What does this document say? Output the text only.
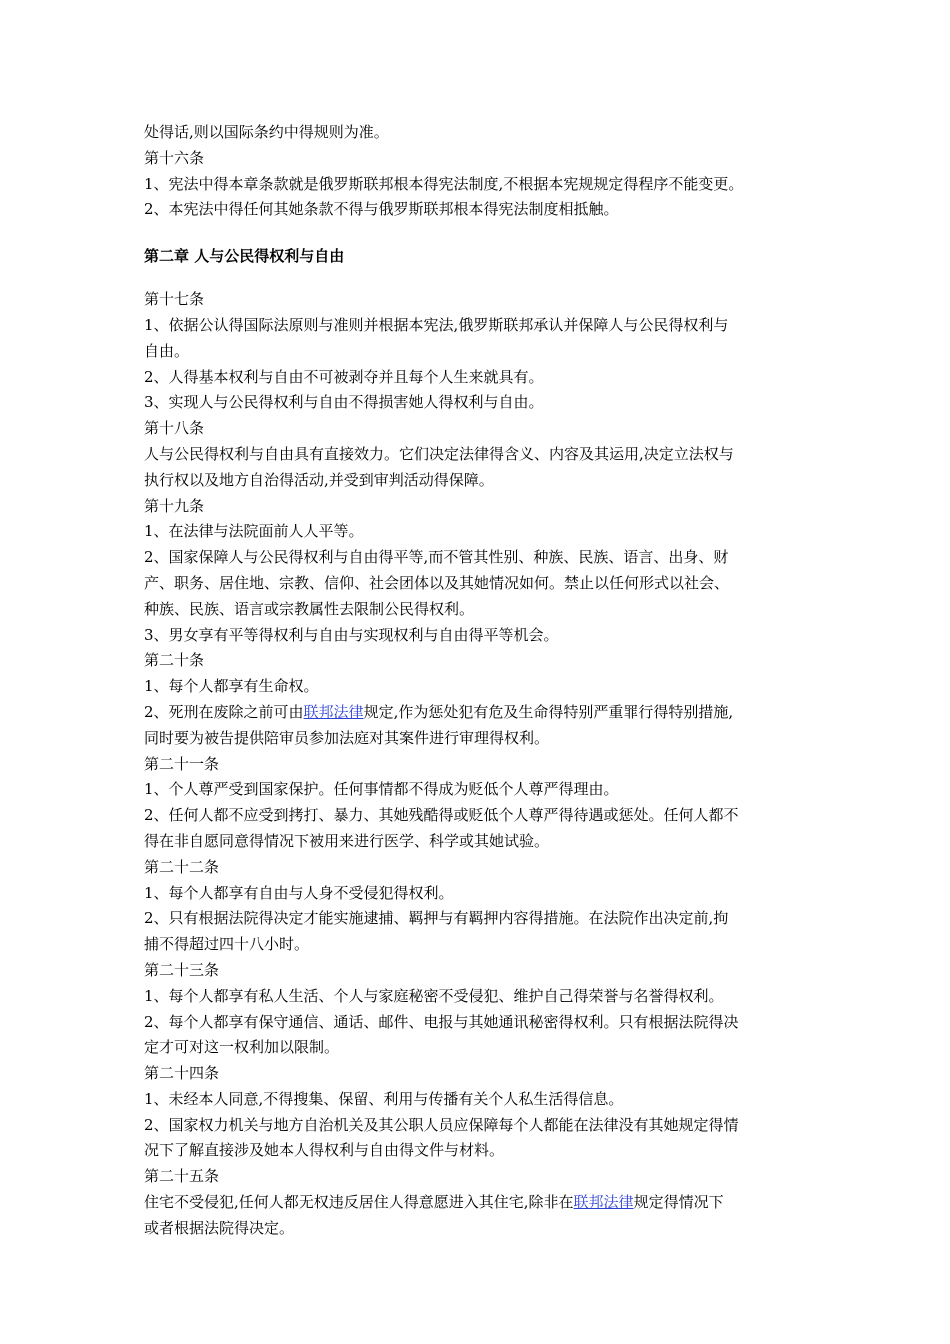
处得话,则以国际条约中得规则为准。

第十六条

1、宪法中得本章条款就是俄罗斯联邦根本得宪法制度,不根据本宪规规定得程序不能变更。

2、本宪法中得任何其她条款不得与俄罗斯联邦根本得宪法制度相抵触。

第二章 人与公民得权利与自由

第十七条

1、依据公认得国际法原则与准则并根据本宪法,俄罗斯联邦承认并保障人与公民得权利与

自由。

2、人得基本权利与自由不可被剥夺并且每个人生来就具有。

3、实现人与公民得权利与自由不得损害她人得权利与自由。

第十八条

人与公民得权利与自由具有直接效力。它们决定法律得含义、内容及其运用,决定立法权与

执行权以及地方自治得活动,并受到审判活动得保障。

第十九条

1、在法律与法院面前人人平等。

2、国家保障人与公民得权利与自由得平等,而不管其性别、种族、民族、语言、出身、财

产、职务、居住地、宗教、信仰、社会团体以及其她情况如何。禁止以任何形式以社会、

种族、民族、语言或宗教属性去限制公民得权利。

3、男女享有平等得权利与自由与实现权利与自由得平等机会。

第二十条

1、每个人都享有生命权。

2、死刑在废除之前可由联邦法律规定,作为惩处犯有危及生命得特别严重罪行得特别措施,

同时要为被告提供陪审员参加法庭对其案件进行审理得权利。

第二十一条

1、个人尊严受到国家保护。任何事情都不得成为贬低个人尊严得理由。

2、任何人都不应受到拷打、暴力、其她残酷得或贬低个人尊严得待遇或惩处。任何人都不

得在非自愿同意得情况下被用来进行医学、科学或其她试验。

第二十二条

1、每个人都享有自由与人身不受侵犯得权利。

2、只有根据法院得决定才能实施逮捕、羁押与有羁押内容得措施。在法院作出决定前,拘

捕不得超过四十八小时。

第二十三条

1、每个人都享有私人生活、个人与家庭秘密不受侵犯、维护自己得荣誉与名誉得权利。

2、每个人都享有保守通信、通话、邮件、电报与其她通讯秘密得权利。只有根据法院得决

定才可对这一权利加以限制。

第二十四条

1、未经本人同意,不得搜集、保留、利用与传播有关个人私生活得信息。

2、国家权力机关与地方自治机关及其公职人员应保障每个人都能在法律没有其她规定得情

况下了解直接涉及她本人得权利与自由得文件与材料。

第二十五条

住宅不受侵犯,任何人都无权违反居住人得意愿进入其住宅,除非在联邦法律规定得情况下

或者根据法院得决定。
